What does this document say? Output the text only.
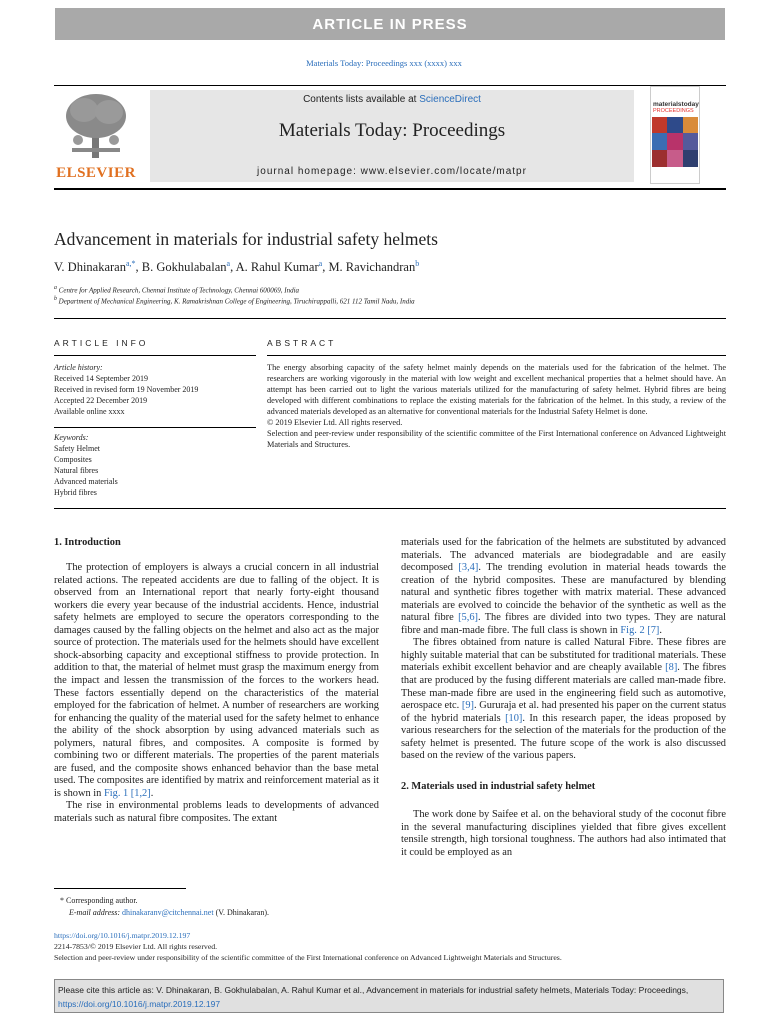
ARTICLE IN PRESS
Materials Today: Proceedings xxx (xxxx) xxx
ELSEVIER
Contents lists available at ScienceDirect
Materials Today: Proceedings
journal homepage: www.elsevier.com/locate/matpr
materialstoday
PROCEEDINGS
Advancement in materials for industrial safety helmets
V. Dhinakaran$^{a,*}$, B. Gokhulabalan$^a$, A. Rahul Kumar$^a$, M. Ravichandran$^b$
$^a$ Centre for Applied Research, Chennai Institute of Technology, Chennai 600069, India
$^b$ Department of Mechanical Engineering, K. Ramakrishnan College of Engineering, Tiruchirappalli, 621 112 Tamil Nadu, India
ARTICLE INFO	ABSTRACT
Article history:
Received 14 September 2019
Received in revised form 19 November 2019
Accepted 22 December 2019
Available online xxxx
Keywords:
Safety Helmet
Composites
Natural fibres
Advanced materials
Hybrid fibres

The energy absorbing capacity of the safety helmet mainly depends on the materials used for the fabrication of the helmet. The researchers are working vigorously in the material with low weight and excellent mechanical properties that a helmet should have. An attempt has been carried out to light the various materials utilized for the manufacturing of safety helmet. Hybrid fibres are being developed with different combinations to replace the existing materials for the fabrication of the helmet. In this study, a review of the advanced materials developed as an alternative for conventional materials for the Industrial Safety Helmet is done.

© 2019 Elsevier Ltd. All rights reserved.

Selection and peer-review under responsibility of the scientific committee of the First International conference on Advanced Lightweight Materials and Structures.

1. Introduction

The protection of employers is always a crucial concern in all industrial related actions. The repeated accidents are due to falling of the object. It is observed from an International report that nearly forty-eight thousand workers die every year because of the industrial accidents. Hence, industrial safety helmets are employed to secure the operators corresponding to the damages caused by the falling objects on the helmet and also act as the major source of protection. The materials used for the helmets should have excellent shock-absorbing capacity and exceptional stiffness to provide protection. In addition to that, the material of helmet must grasp the maximum energy from the impact and lessen the transmission of the forces to the workers head. These factors essentially depend on the characteristics of the material employed for the fabrication of helmet. A number of researchers are working for enhancing the quality of the material used for the safety helmet to enhance the ability of the shock absorption by using advanced materials such as polymers, natural fibres, and composites. A composite is formed by combining two or different materials. The properties of the parent materials are fused, and the composite shows enhanced behavior than the base metal used. The composites are identified by matrix and reinforcement material as it is shown in Fig. 1 [1,2].

The rise in environmental problems leads to developments of advanced materials such as natural fibre composites. The extant

materials used for the fabrication of the helmets are substituted by advanced materials. The advanced materials are biodegradable and are easily decomposed [3,4]. The trending evolution in material heads towards the creation of the hybrid composites. These are manufactured by blending natural and synthetic fibres together with matrix material. These advanced materials are evolved to coincide the behavior of the synthetic as well as the natural fibre [5,6]. The fibres are divided into two types. They are natural fibre and man-made fibre. The full class is shown in Fig. 2 [7].

The fibres obtained from nature is called Natural Fibre. These fibres are highly suitable material that can be substituted for traditional materials. These materials exhibit excellent behavior and are cheaply available [8]. The fibres that are produced by the fusing different materials are called man-made fibre. These man-made fibre are used in the engineering field such as automotive, aerospace etc. [9]. Gururaja et al. had presented his paper on the current status of the hybrid materials [10]. In this research paper, the ideas proposed by various researchers for the selection of the materials for the production of the safety helmet is presented. The future scope of the work is also discussed based on the review of the various papers.

2. Materials used in industrial safety helmet

The work done by Saifee et al. on the behavioral study of the coconut fibre in the several manufacturing disciplines yielded that fibre gives excellent tensile strength, high torsional toughness. The authors had also intimated that it could be employed as an

* Corresponding author.
E-mail address: dhinakaranv@citchennai.net (V. Dhinakaran).
https://doi.org/10.1016/j.matpr.2019.12.197
2214-7853/© 2019 Elsevier Ltd. All rights reserved.
Selection and peer-review under responsibility of the scientific committee of the First International conference on Advanced Lightweight Materials and Structures.
Please cite this article as: V. Dhinakaran, B. Gokhulabalan, A. Rahul Kumar et al., Advancement in materials for industrial safety helmets, Materials Today: Proceedings, https://doi.org/10.1016/j.matpr.2019.12.197
